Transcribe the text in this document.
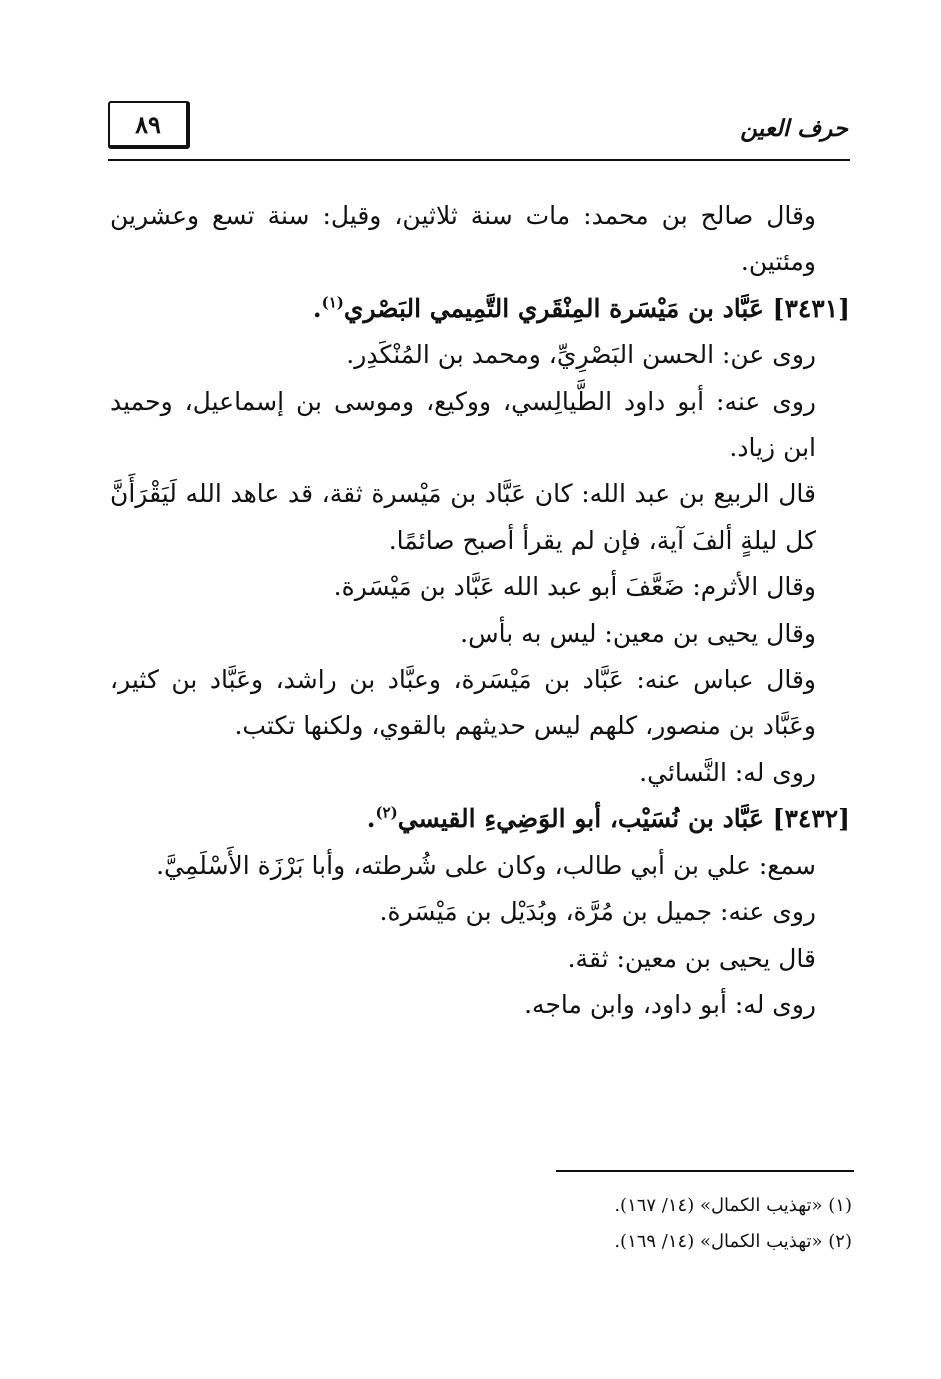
٨٩	حرف العين

وقال صالح بن محمد: مات سنة ثلاثين، وقيل: سنة تسع وعشرين ومئتين.

[٣٤٣١] عَبَّاد بن مَيْسَرة المِنْقَري التَّمِيمي البَصْري$^{(١)}$.

روى عن: الحسن البَصْرِيِّ، ومحمد بن المُنْكَدِر.

روى عنه: أبو داود الطَّيالِسي، ووكيع، وموسى بن إسماعيل، وحميد ابن زياد.

قال الربيع بن عبد الله: كان عَبَّاد بن مَيْسرة ثقة، قد عاهد الله لَيَقْرَأَنَّ كل ليلةٍ ألفَ آية، فإن لم يقرأ أصبح صائمًا.

وقال الأثرم: ضَعَّفَ أبو عبد الله عَبَّاد بن مَيْسَرة.

وقال يحيى بن معين: ليس به بأس.

وقال عباس عنه: عَبَّاد بن مَيْسَرة، وعبَّاد بن راشد، وعَبَّاد بن كثير، وعَبَّاد بن منصور، كلهم ليس حديثهم بالقوي، ولكنها تكتب.

روى له: النَّسائي.

[٣٤٣٢] عَبَّاد بن نُسَيْب، أبو الوَضِيءِ القيسي$^{(٢)}$.

سمع: علي بن أبي طالب، وكان على شُرطته، وأبا بَرْزَة الأَسْلَمِيَّ.

روى عنه: جميل بن مُرَّة، وبُدَيْل بن مَيْسَرة.

قال يحيى بن معين: ثقة.

روى له: أبو داود، وابن ماجه.

(١) «تهذيب الكمال» (١٤/ ١٦٧).

(٢) «تهذيب الكمال» (١٤/ ١٦٩).
